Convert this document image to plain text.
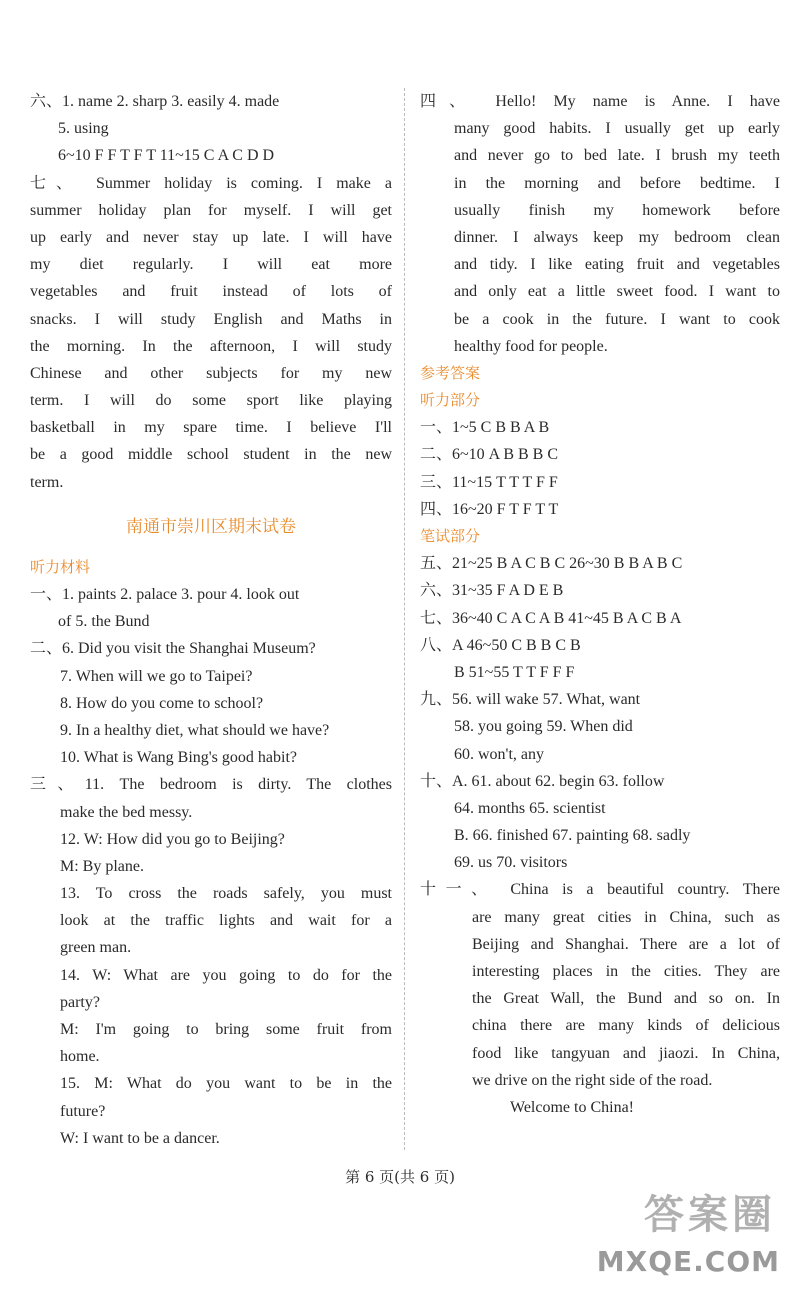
六、1. name 2. sharp 3. easily 4. made
5. using
6~10 F F T F T 11~15 C A C D D
七、 Summer holiday is coming. I make a
summer holiday plan for myself. I will get
up early and never stay up late. I will have
my diet regularly. I will eat more
vegetables and fruit instead of lots of
snacks. I will study English and Maths in
the morning. In the afternoon, I will study
Chinese and other subjects for my new
term. I will do some sport like playing
basketball in my spare time. I believe I'll
be a good middle school student in the new
term.
南通市崇川区期末试卷
听力材料
一、1. paints 2. palace 3. pour 4. look out
of 5. the Bund
二、6. Did you visit the Shanghai Museum?
7. When will we go to Taipei?
8. How do you come to school?
9. In a healthy diet, what should we have?
10. What is Wang Bing's good habit?
三、11. The bedroom is dirty. The clothes
make the bed messy.
12. W: How did you go to Beijing?
M: By plane.
13. To cross the roads safely, you must
look at the traffic lights and wait for a
green man.
14. W: What are you going to do for the
party?
M: I'm going to bring some fruit from
home.
15. M: What do you want to be in the
future?
W: I want to be a dancer.
四、 Hello! My name is Anne. I have
many good habits. I usually get up early
and never go to bed late. I brush my teeth
in the morning and before bedtime. I
usually finish my homework before
dinner. I always keep my bedroom clean
and tidy. I like eating fruit and vegetables
and only eat a little sweet food. I want to
be a cook in the future. I want to cook
healthy food for people.
参考答案
听力部分
一、1~5 C B B A B
二、6~10 A B B B C
三、11~15 T T T F F
四、16~20 F T F T T
笔试部分
五、21~25 B A C B C 26~30 B B A B C
六、31~35 F A D E B
七、36~40 C A C A B 41~45 B A C B A
八、A 46~50 C B B C B
B 51~55 T T F F F
九、56. will wake 57. What, want
58. you going 59. When did
60. won't, any
十、A. 61. about 62. begin 63. follow
64. months 65. scientist
B. 66. finished 67. painting 68. sadly
69. us 70. visitors
十一、 China is a beautiful country. There
are many great cities in China, such as
Beijing and Shanghai. There are a lot of
interesting places in the cities. They are
the Great Wall, the Bund and so on. In
china there are many kinds of delicious
food like tangyuan and jiaozi. In China,
we drive on the right side of the road.
Welcome to China!
第 6 页(共 6 页)
答案圈
MXQE.COM
